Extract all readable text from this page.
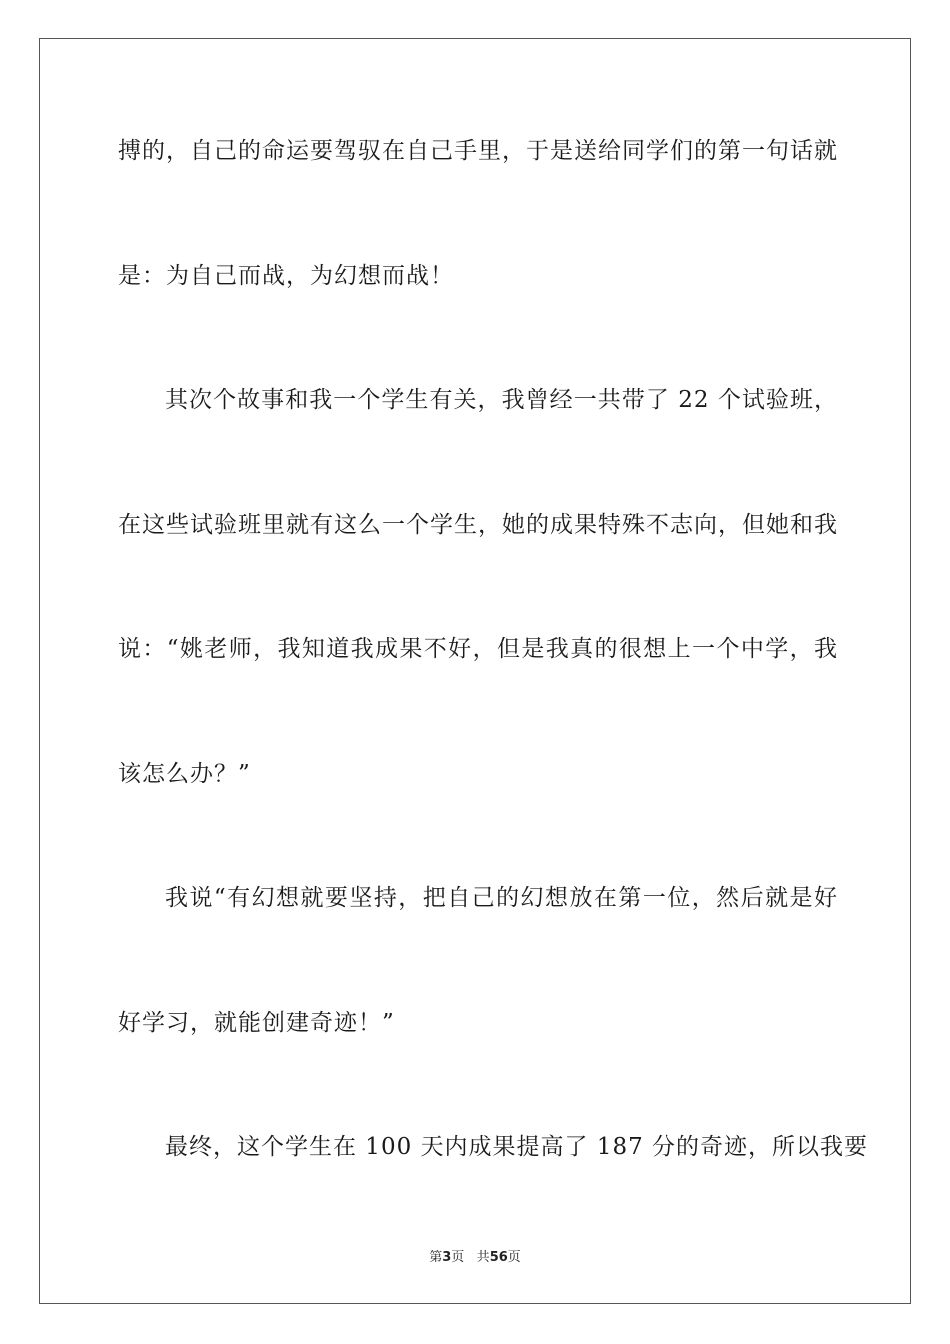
搏的，自己的命运要驾驭在自己手里，于是送给同学们的第一句话就
是：为自己而战，为幻想而战！
其次个故事和我一个学生有关，我曾经一共带了 22 个试验班，
在这些试验班里就有这么一个学生，她的成果特殊不志向，但她和我
说：“姚老师，我知道我成果不好，但是我真的很想上一个中学，我
该怎么办？”
我说“有幻想就要坚持，把自己的幻想放在第一位，然后就是好
好学习，就能创建奇迹！”
最终，这个学生在 100 天内成果提高了 187 分的奇迹，所以我要
第3页 共56页
